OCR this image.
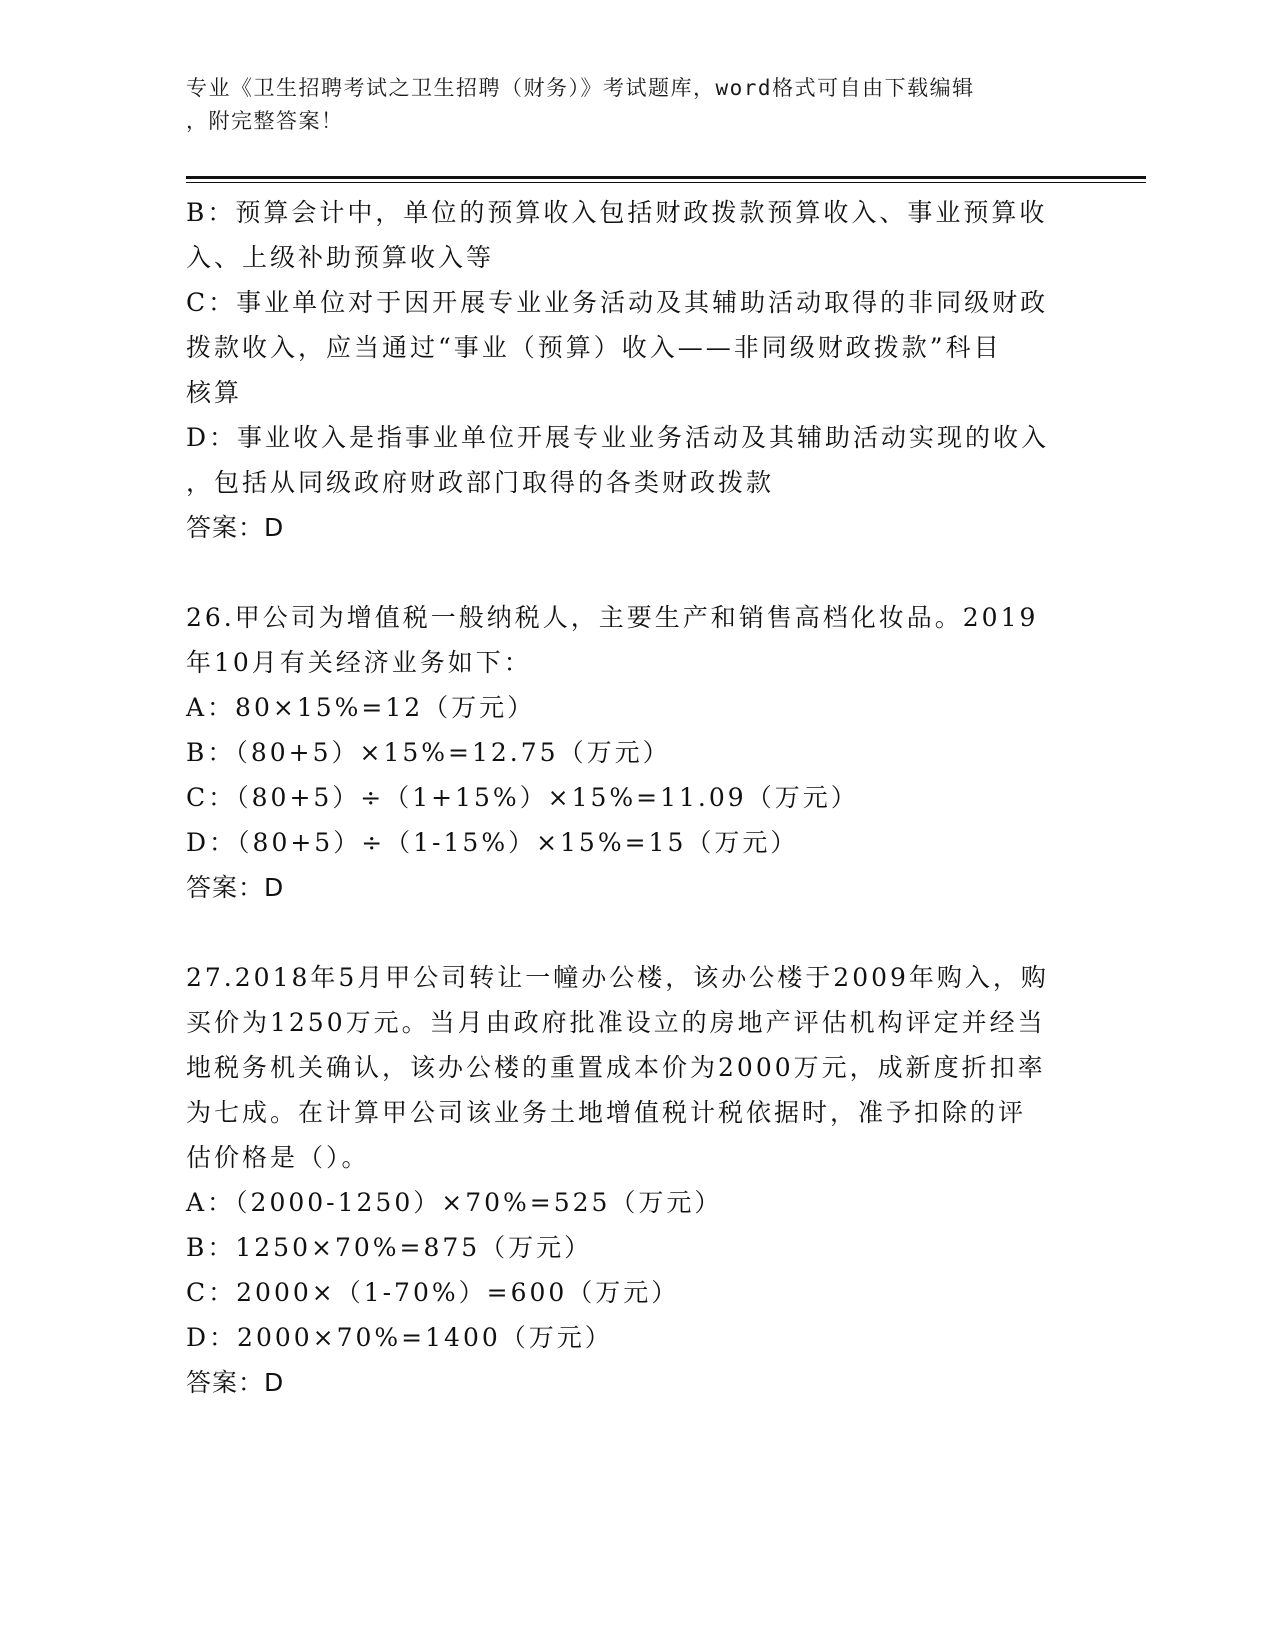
专业《卫生招聘考试之卫生招聘（财务）》考试题库，word格式可自由下载编辑
，附完整答案！
B：预算会计中，单位的预算收入包括财政拨款预算收入、事业预算收
入、上级补助预算收入等
C：事业单位对于因开展专业业务活动及其辅助活动取得的非同级财政
拨款收入，应当通过“事业（预算）收入——非同级财政拨款”科目
核算
D：事业收入是指事业单位开展专业业务活动及其辅助活动实现的收入
，包括从同级政府财政部门取得的各类财政拨款
答案：D
26.甲公司为增值税一般纳税人，主要生产和销售高档化妆品。2019
年10月有关经济业务如下：
A：80×15%=12（万元）
B：（80+5）×15%=12.75（万元）
C：（80+5）÷（1+15%）×15%=11.09（万元）
D：（80+5）÷（1-15%）×15%=15（万元）
答案：D
27.2018年5月甲公司转让一幢办公楼，该办公楼于2009年购入，购
买价为1250万元。当月由政府批准设立的房地产评估机构评定并经当
地税务机关确认，该办公楼的重置成本价为2000万元，成新度折扣率
为七成。在计算甲公司该业务土地增值税计税依据时，准予扣除的评
估价格是（）。
A：（2000-1250）×70%=525（万元）
B：1250×70%=875（万元）
C：2000×（1-70%）=600（万元）
D：2000×70%=1400（万元）
答案：D
